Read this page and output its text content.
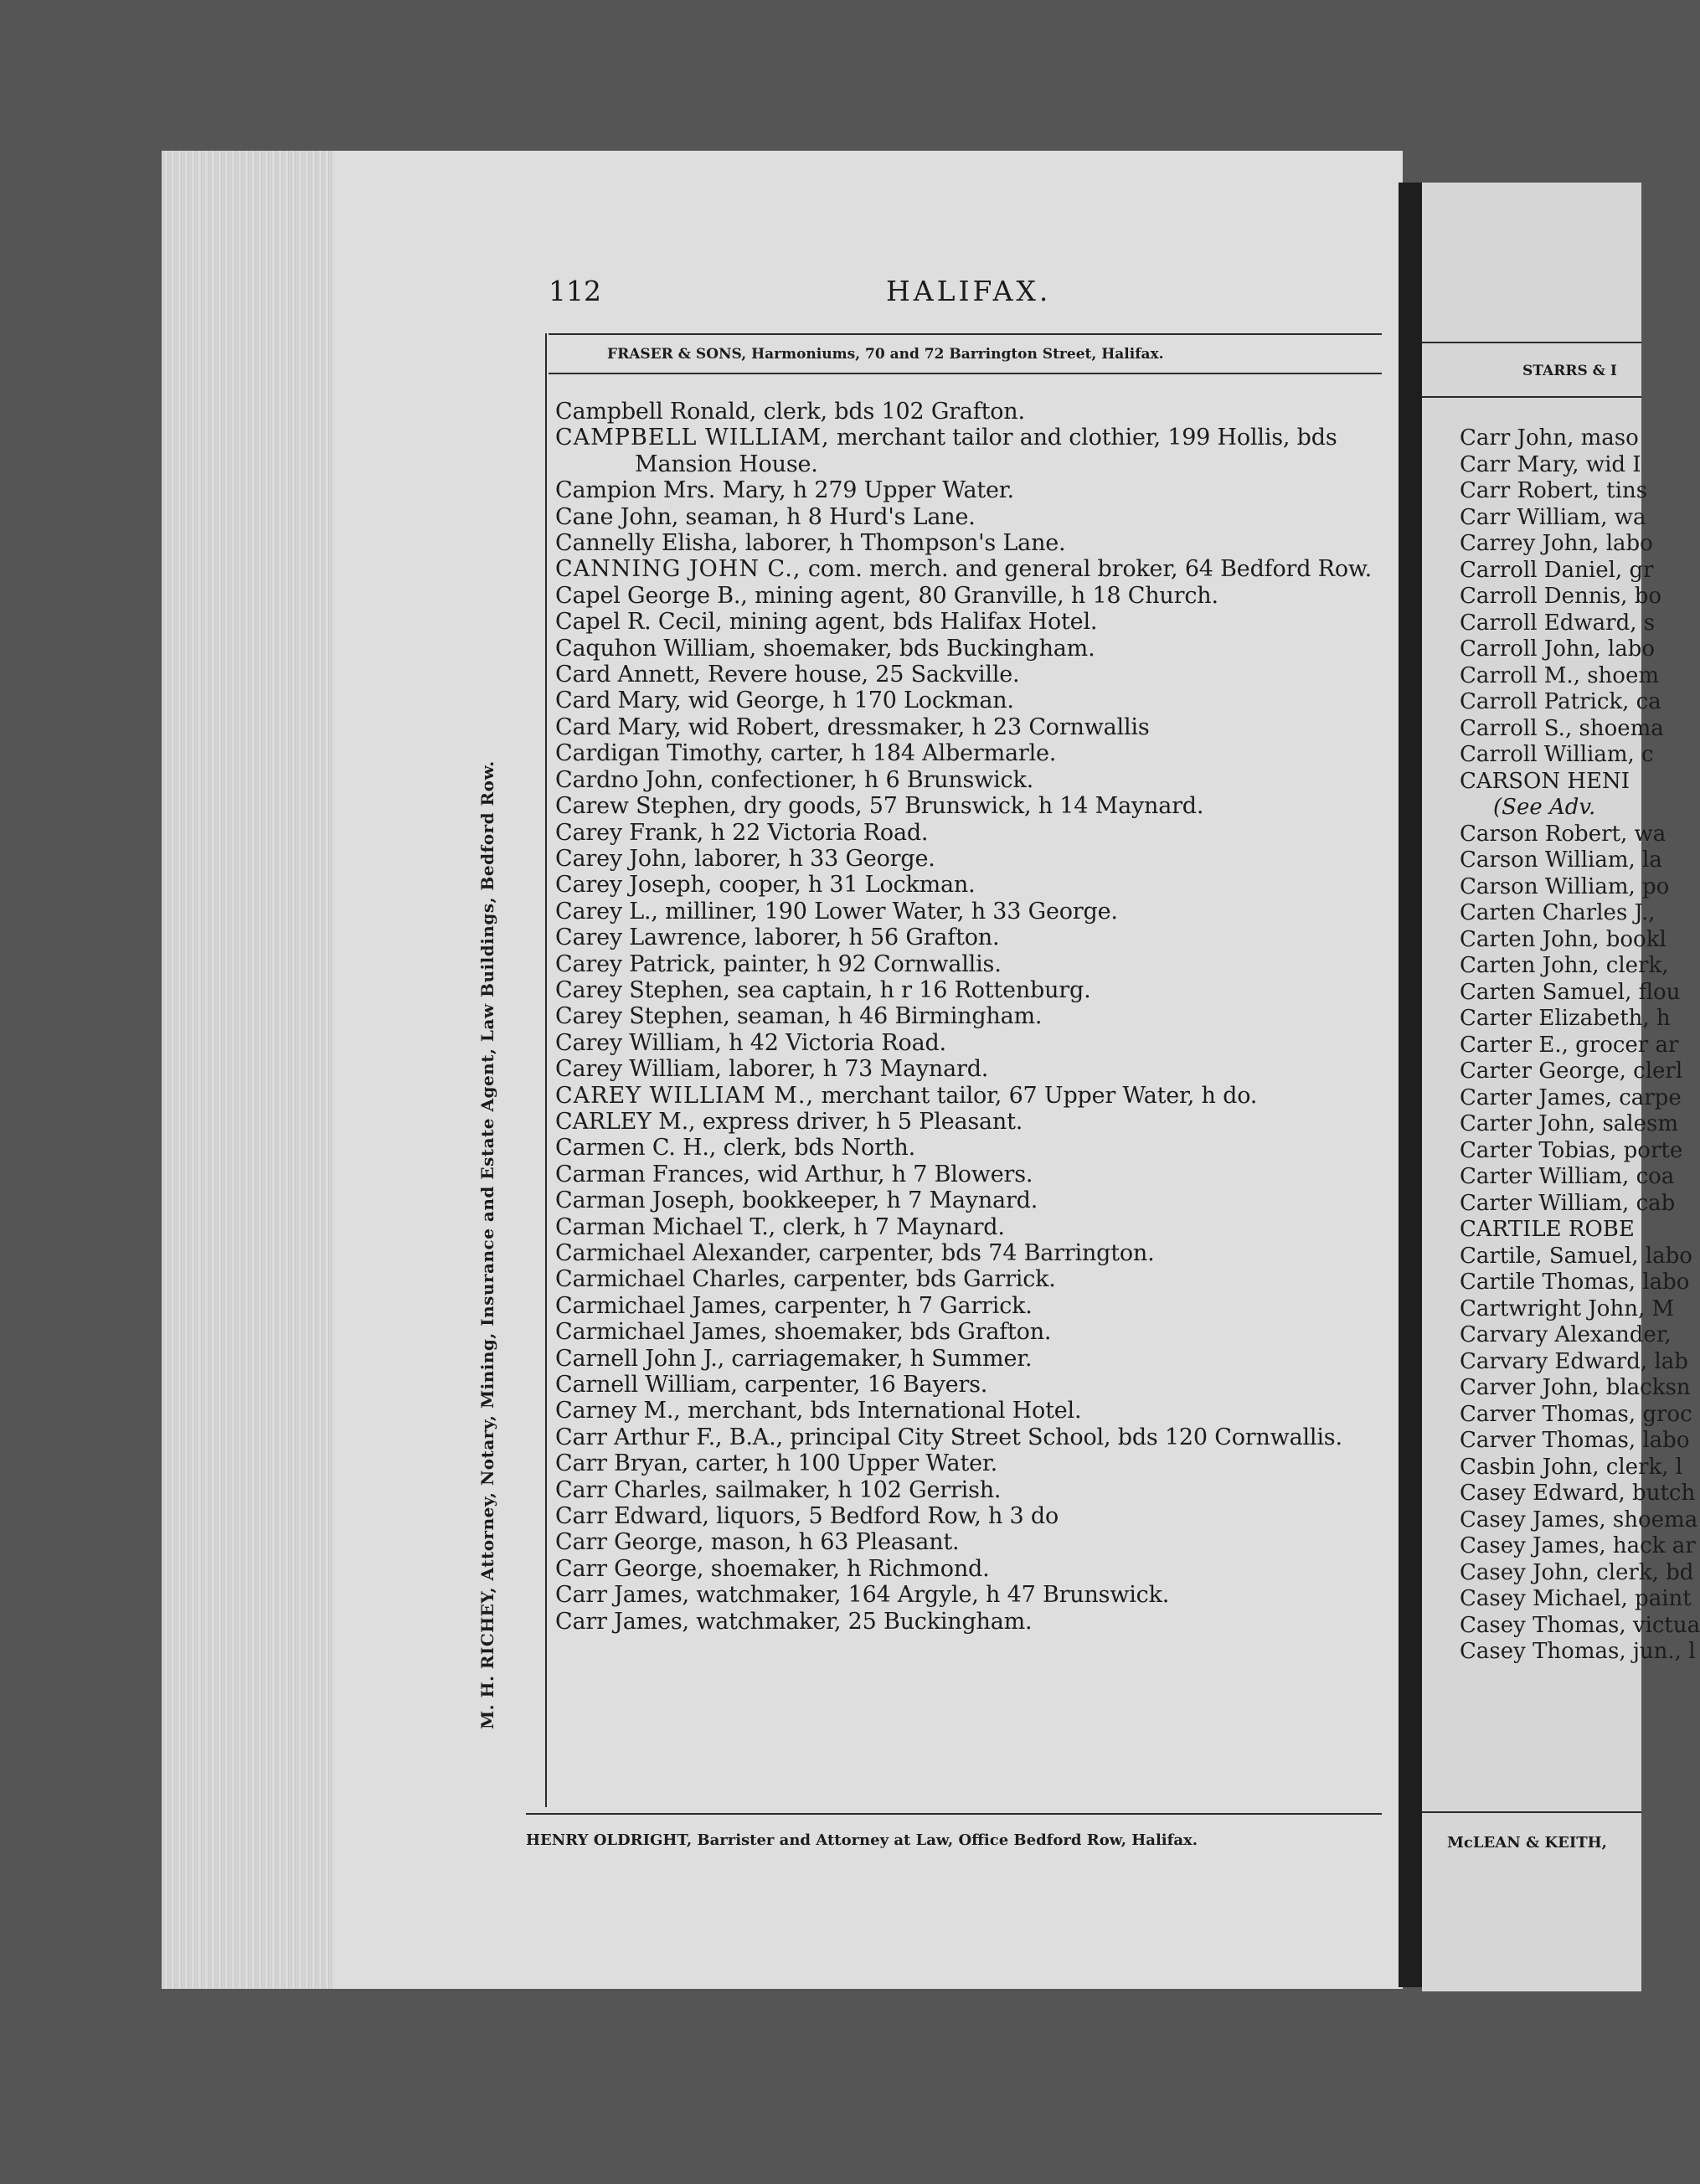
112	HALIFAX.
FRASER & SONS, Harmoniums, 70 and 72 Barrington Street, Halifax.
M. H. RICHEY, Attorney, Notary, Mining, Insurance and Estate Agent, Law Buildings, Bedford Row.
Campbell Ronald, clerk, bds 102 Grafton.
CAMPBELL WILLIAM, merchant tailor and clothier, 199 Hollis, bds
Mansion House.
Campion Mrs. Mary, h 279 Upper Water.
Cane John, seaman, h 8 Hurd's Lane.
Cannelly Elisha, laborer, h Thompson's Lane.
CANNING JOHN C., com. merch. and general broker, 64 Bedford Row.
Capel George B., mining agent, 80 Granville, h 18 Church.
Capel R. Cecil, mining agent, bds Halifax Hotel.
Caquhon William, shoemaker, bds Buckingham.
Card Annett, Revere house, 25 Sackville.
Card Mary, wid George, h 170 Lockman.
Card Mary, wid Robert, dressmaker, h 23 Cornwallis
Cardigan Timothy, carter, h 184 Albermarle.
Cardno John, confectioner, h 6 Brunswick.
Carew Stephen, dry goods, 57 Brunswick, h 14 Maynard.
Carey Frank, h 22 Victoria Road.
Carey John, laborer, h 33 George.
Carey Joseph, cooper, h 31 Lockman.
Carey L., milliner, 190 Lower Water, h 33 George.
Carey Lawrence, laborer, h 56 Grafton.
Carey Patrick, painter, h 92 Cornwallis.
Carey Stephen, sea captain, h r 16 Rottenburg.
Carey Stephen, seaman, h 46 Birmingham.
Carey William, h 42 Victoria Road.
Carey William, laborer, h 73 Maynard.
CAREY WILLIAM M., merchant tailor, 67 Upper Water, h do.
CARLEY M., express driver, h 5 Pleasant.
Carmen C. H., clerk, bds North.
Carman Frances, wid Arthur, h 7 Blowers.
Carman Joseph, bookkeeper, h 7 Maynard.
Carman Michael T., clerk, h 7 Maynard.
Carmichael Alexander, carpenter, bds 74 Barrington.
Carmichael Charles, carpenter, bds Garrick.
Carmichael James, carpenter, h 7 Garrick.
Carmichael James, shoemaker, bds Grafton.
Carnell John J., carriagemaker, h Summer.
Carnell William, carpenter, 16 Bayers.
Carney M., merchant, bds International Hotel.
Carr Arthur F., B.A., principal City Street School, bds 120 Cornwallis.
Carr Bryan, carter, h 100 Upper Water.
Carr Charles, sailmaker, h 102 Gerrish.
Carr Edward, liquors, 5 Bedford Row, h 3 do
Carr George, mason, h 63 Pleasant.
Carr George, shoemaker, h Richmond.
Carr James, watchmaker, 164 Argyle, h 47 Brunswick.
Carr James, watchmaker, 25 Buckingham.
HENRY OLDRIGHT, Barrister and Attorney at Law, Office Bedford Row, Halifax.
STARRS & I
Carr John, maso
Carr Mary, wid I
Carr Robert, tins
Carr William, wa
Carrey John, labo
Carroll Daniel, gr
Carroll Dennis, bo
Carroll Edward, s
Carroll John, labo
Carroll M., shoem
Carroll Patrick, ca
Carroll S., shoema
Carroll William, c
CARSON HENI
(See Adv.
Carson Robert, wa
Carson William, la
Carson William, po
Carten Charles J.,
Carten John, bookl
Carten John, clerk,
Carten Samuel, flou
Carter Elizabeth, h
Carter E., grocer ar
Carter George, clerl
Carter James, carpe
Carter John, salesm
Carter Tobias, porte
Carter William, coa
Carter William, cab
CARTILE ROBE
Cartile, Samuel, labo
Cartile Thomas, labo
Cartwright John, M
Carvary Alexander,
Carvary Edward, lab
Carver John, blacksn
Carver Thomas, groc
Carver Thomas, labo
Casbin John, clerk, l
Casey Edward, butch
Casey James, shoema
Casey James, hack ar
Casey John, clerk, bd
Casey Michael, paint
Casey Thomas, victua
Casey Thomas, jun., l
McLEAN & KEITH,
